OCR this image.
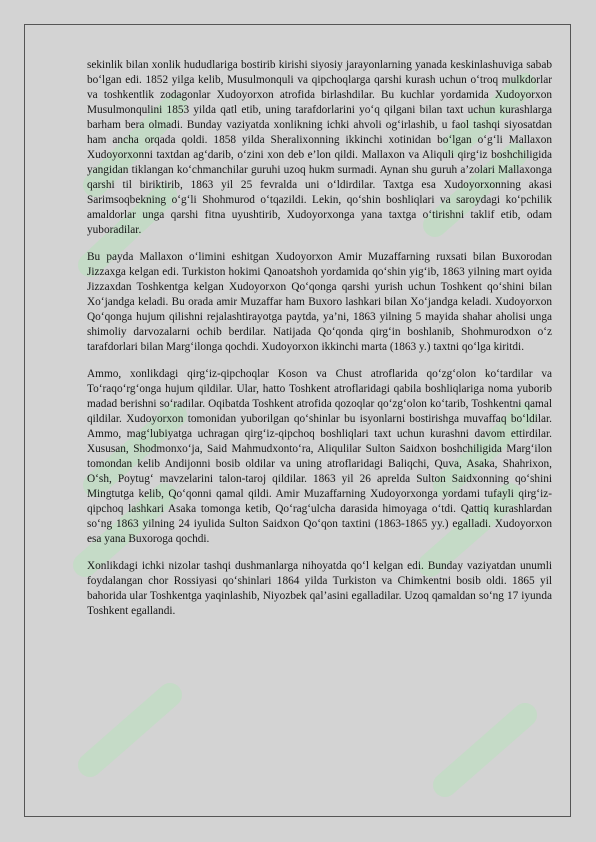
sekinlik bilan xonlik hududlariga bostirib kirishi siyosiy jarayonlarning yanada keskinlashuviga sabab bo‘lgan edi. 1852 yilga kelib, Musulmonquli va qipchoqlarga qarshi kurash uchun o‘troq mulkdorlar va toshkentlik zodagonlar Xudoyorxon atrofida birlashdilar. Bu kuchlar yordamida Xudoyorxon Musulmonqulini 1853 yilda qatl etib, uning tarafdorlarini yo‘q qilgani bilan taxt uchun kurashlarga barham bera olmadi. Bunday vaziyatda xonlikning ichki ahvoli og‘irlashib, u faol tashqi siyosatdan ham ancha orqada qoldi. 1858 yilda Sheralixonning ikkinchi xotinidan bo‘lgan o‘g‘li Mallaxon Xudoyorxonni taxtdan ag‘darib, o‘zini xon deb e’lon qildi. Mallaxon va Aliquli qirg‘iz boshchiligida yangidan tiklangan ko‘chmanchilar guruhi uzoq hukm surmadi. Aynan shu guruh a’zolari Mallaxonga qarshi til biriktirib, 1863 yil 25 fevralda uni o‘ldirdilar. Taxtga esa Xudoyorxonning akasi Sarimsoqbekning o‘g‘li Shohmurod o‘tqazildi. Lekin, qo‘shin boshliqlari va saroydagi ko‘pchilik amaldorlar unga qarshi fitna uyushtirib, Xudoyorxonga yana taxtga o‘tirishni taklif etib, odam yuboradilar.

Bu payda Mallaxon o‘limini eshitgan Xudoyorxon Amir Muzaffarning ruxsati bilan Buxorodan Jizzaxga kelgan edi. Turkiston hokimi Qanoatshoh yordamida qo‘shin yig‘ib, 1863 yilning mart oyida Jizzaxdan Toshkentga kelgan Xudoyorxon Qo‘qonga qarshi yurish uchun Toshkent qo‘shini bilan Xo‘jandga keladi. Bu orada amir Muzaffar ham Buxoro lashkari bilan Xo‘jandga keladi. Xudoyorxon Qo‘qonga hujum qilishni rejalashtirayotga paytda, ya’ni, 1863 yilning 5 mayida shahar aholisi unga shimoliy darvozalarni ochib berdilar. Natijada Qo‘qonda qirg‘in boshlanib, Shohmurodxon o‘z tarafdorlari bilan Marg‘ilonga qochdi. Xudoyorxon ikkinchi marta (1863 y.) taxtni qo‘lga kiritdi.

Ammo, xonlikdagi qirg‘iz-qipchoqlar Koson va Chust atroflarida qo‘zg‘olon ko‘tardilar va To‘raqo‘rg‘onga hujum qildilar. Ular, hatto Toshkent atroflaridagi qabila boshliqlariga noma yuborib madad berishni so‘radilar. Oqibatda Toshkent atrofida qozoqlar qo‘zg‘olon ko‘tarib, Toshkentni qamal qildilar. Xudoyorxon tomonidan yuborilgan qo‘shinlar bu isyonlarni bostirishga muvaffaq bo‘ldilar. Ammo, mag‘lubiyatga uchragan qirg‘iz-qipchoq boshliqlari taxt uchun kurashni davom ettirdilar. Xususan, Shodmonxo‘ja, Said Mahmudxonto‘ra, Aliqulilar Sulton Saidxon boshchiligida Marg‘ilon tomondan kelib Andijonni bosib oldilar va uning atroflaridagi Baliqchi, Quva, Asaka, Shahrixon, O‘sh, Poytug‘ mavzelarini talon-taroj qildilar. 1863 yil 26 aprelda Sulton Saidxonning qo‘shini Mingtutga kelib, Qo‘qonni qamal qildi. Amir Muzaffarning Xudoyorxonga yordami tufayli qirg‘iz-qipchoq lashkari Asaka tomonga ketib, Qo‘rag‘ulcha darasida himoyaga o‘tdi. Qattiq kurashlardan so‘ng 1863 yilning 24 iyulida Sulton Saidxon Qo‘qon taxtini (1863-1865 yy.) egalladi. Xudoyorxon esa yana Buxoroga qochdi.

Xonlikdagi ichki nizolar tashqi dushmanlarga nihoyatda qo‘l kelgan edi. Bunday vaziyatdan unumli foydalangan chor Rossiyasi qo‘shinlari 1864 yilda Turkiston va Chimkentni bosib oldi. 1865 yil bahorida ular Toshkentga yaqinlashib, Niyozbek qal’asini egalladilar. Uzoq qamaldan so‘ng 17 iyunda Toshkent egallandi.
